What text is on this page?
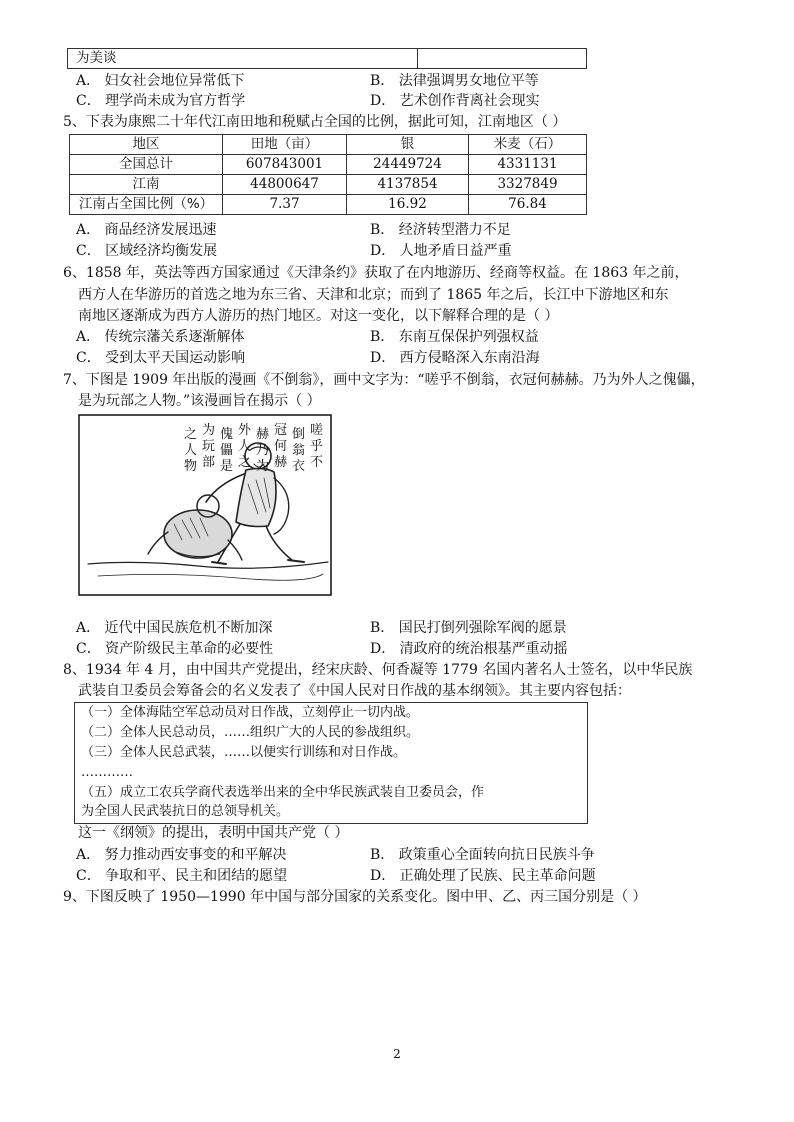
为美谈	
A． 妇女社会地位异常低下	B． 法律强调男女地位平等
C． 理学尚未成为官方哲学	D． 艺术创作背离社会现实
5、下表为康熙二十年代江南田地和税赋占全国的比例，据此可知，江南地区（ ）
地区	田地（亩）	银	米麦（石）
全国总计	607843001	24449724	4331131
江南	44800647	4137854	3327849
江南占全国比例（%）	7.37	16.92	76.84
A． 商品经济发展迅速	B． 经济转型潜力不足
C． 区域经济均衡发展	D． 人地矛盾日益严重
6、1858 年，英法等西方国家通过《天津条约》获取了在内地游历、经商等权益。在 1863 年之前，
西方人在华游历的首选之地为东三省、天津和北京；而到了 1865 年之后，长江中下游地区和东
南地区逐渐成为西方人游历的热门地区。对这一变化，以下解释合理的是（ ）
A． 传统宗藩关系逐渐解体	B． 东南互保保护列强权益
C． 受到太平天国运动影响	D． 西方侵略深入东南沿海
7、下图是 1909 年出版的漫画《不倒翁》，画中文字为：“嗟乎不倒翁，衣冠何赫赫。乃为外人之傀儡，
是为玩部之人物。”该漫画旨在揭示（ ）
嗟
乎
不
倒
翁
衣
冠
何
赫
赫
乃
为
外
人
之
傀
儡
是
为
玩
部
之
人
物
A． 近代中国民族危机不断加深	B． 国民打倒列强除军阀的愿景
C． 资产阶级民主革命的必要性	D． 清政府的统治根基严重动摇
8、1934 年 4 月，由中国共产党提出，经宋庆龄、何香凝等 1779 名国内著名人士签名，以中华民族
武装自卫委员会筹备会的名义发表了《中国人民对日作战的基本纲领》。其主要内容包括：
（一）全体海陆空军总动员对日作战，立刻停止一切内战。
（二）全体人民总动员，……组织广大的人民的参战组织。
（三）全体人民总武装，……以便实行训练和对日作战。
…………
（五）成立工农兵学商代表选举出来的全中华民族武装自卫委员会，作
为全国人民武装抗日的总领导机关。
这一《纲领》的提出，表明中国共产党（ ）
A． 努力推动西安事变的和平解决	B． 政策重心全面转向抗日民族斗争
C． 争取和平、民主和团结的愿望	D． 正确处理了民族、民主革命问题
9、下图反映了 1950—1990 年中国与部分国家的关系变化。图中甲、乙、丙三国分别是（ ）
2
